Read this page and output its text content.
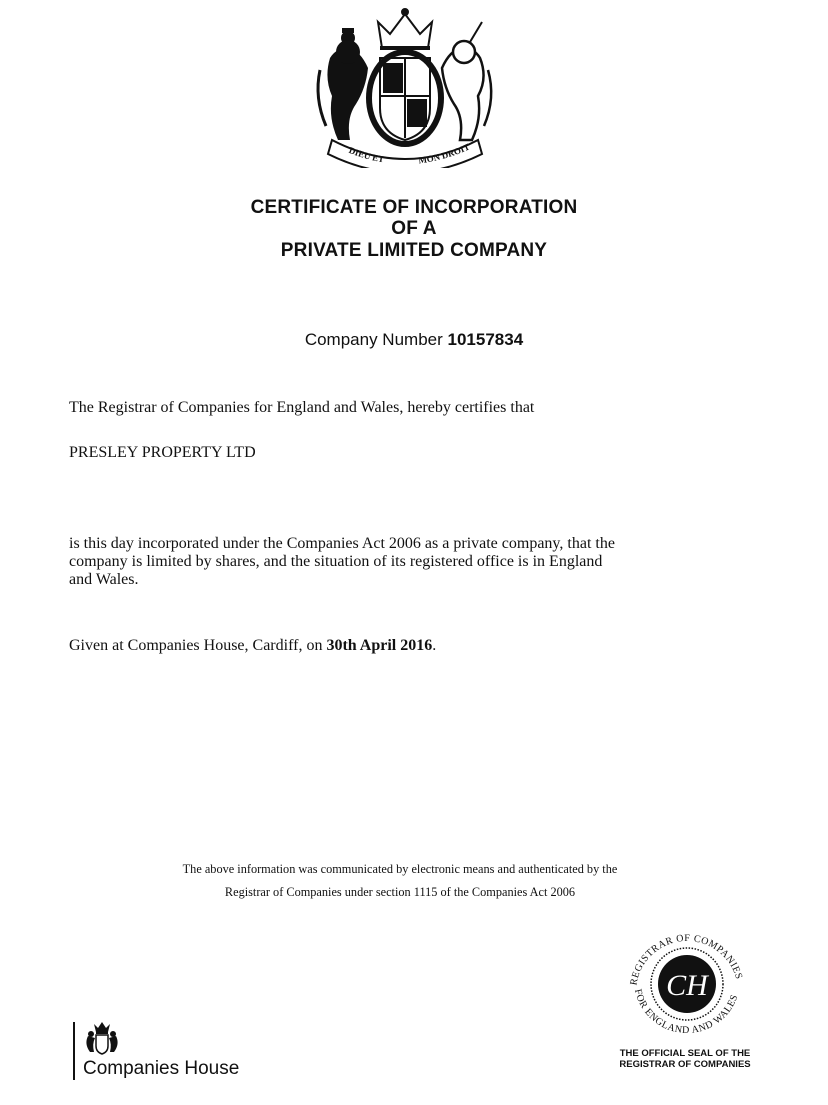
DIEU ET	MON DROIT
CERTIFICATE OF INCORPORATION
OF A
PRIVATE LIMITED COMPANY
Company Number 10157834
The Registrar of Companies for England and Wales, hereby certifies that
PRESLEY PROPERTY LTD
is this day incorporated under the Companies Act 2006 as a private company, that the
company is limited by shares, and the situation of its registered office is in England
and Wales.
Given at Companies House, Cardiff, on 30th April 2016.
The above information was communicated by electronic means and authenticated by the
Registrar of Companies under section 1115 of the Companies Act 2006
CH
REGISTRAR OF COMPANIES
FOR ENGLAND AND WALES
THE OFFICIAL SEAL OF THE
REGISTRAR OF COMPANIES
Companies House
